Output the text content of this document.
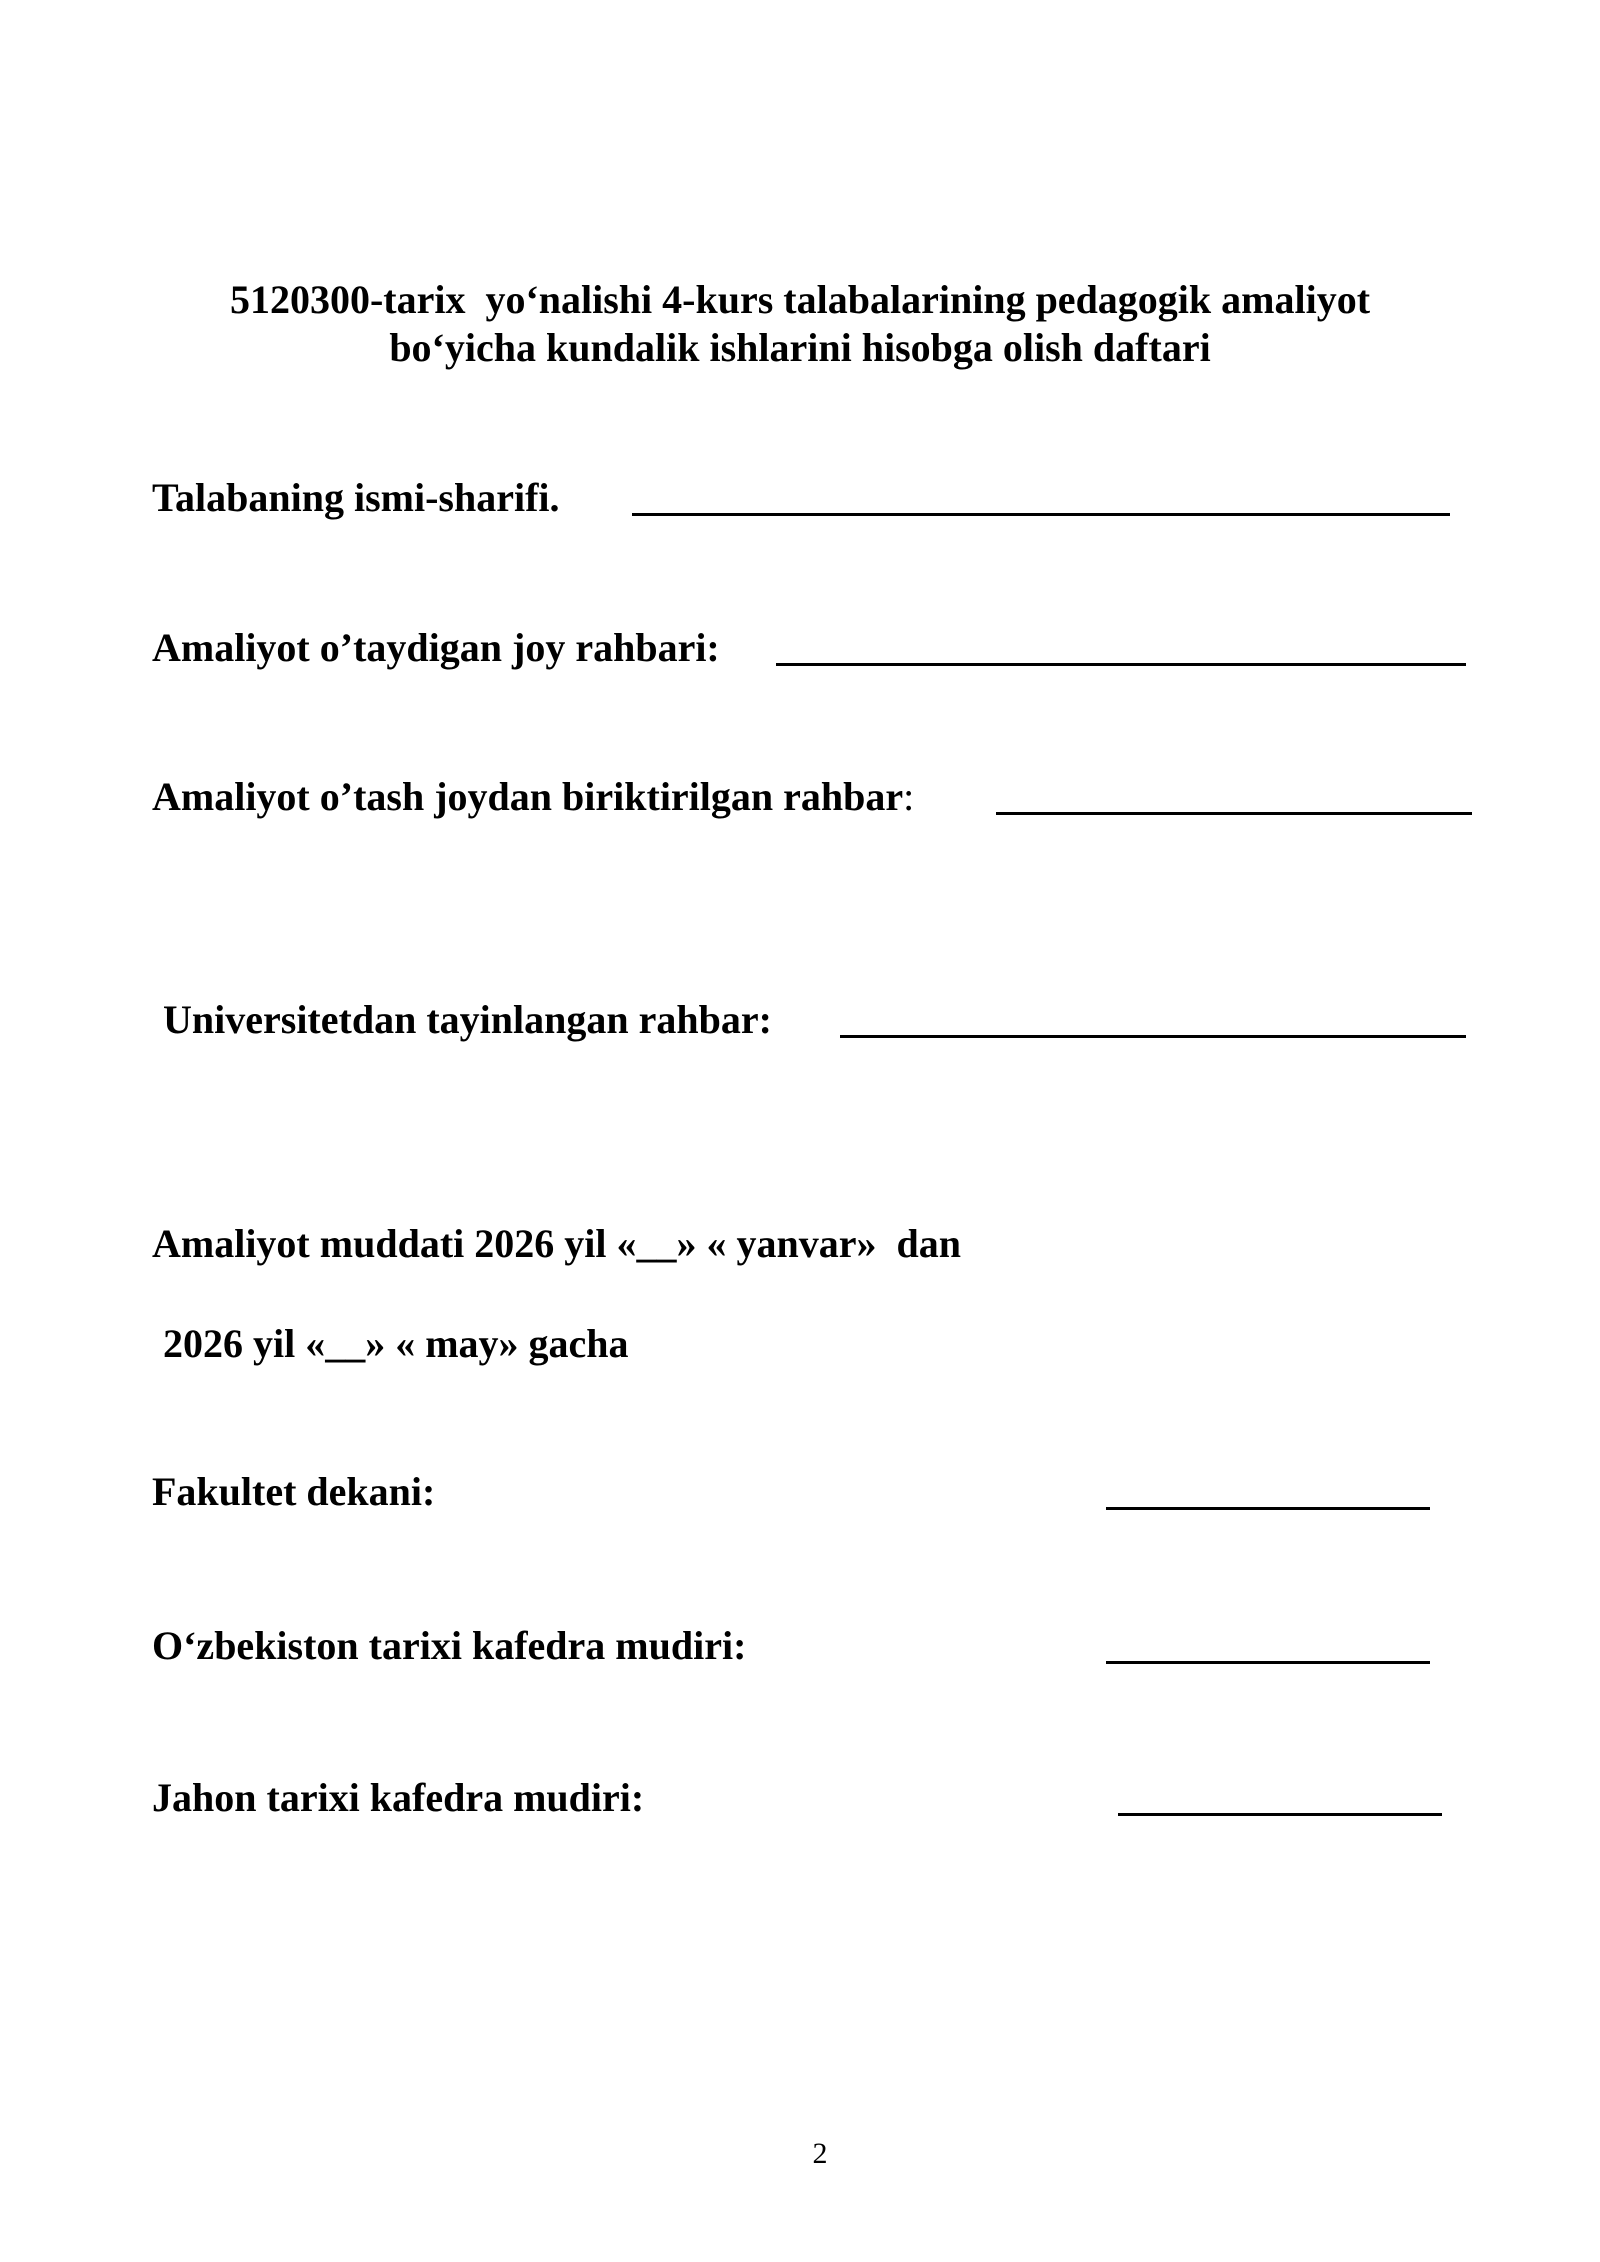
5120300-tarix  yo‘nalishi 4-kurs talabalarining pedagogik amaliyot
bo‘yicha kundalik ishlarini hisobga olish daftari
Talabaning ismi-sharifi.
Amaliyot o’taydigan joy rahbari:
Amaliyot o’tash joydan biriktirilgan rahbar:
Universitetdan tayinlangan rahbar:
Amaliyot muddati 2026 yil «__» « yanvar»  dan
2026 yil «__» « may» gacha
Fakultet dekani:
O‘zbekiston tarixi kafedra mudiri:
Jahon tarixi kafedra mudiri:
2
